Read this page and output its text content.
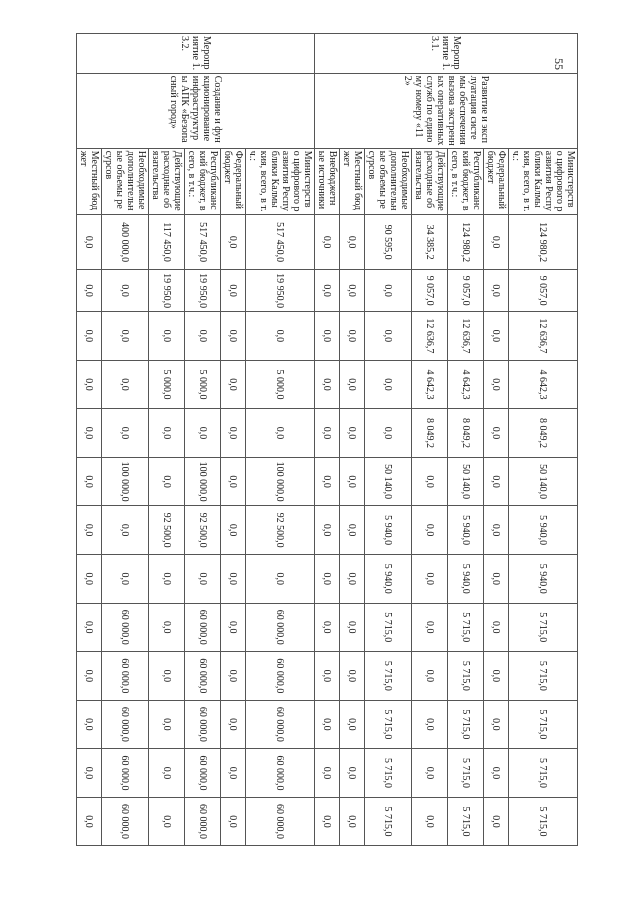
55
Мероприятие 1.3.1.	Развитие и эксплуатация системы обеспечения вызова экстренных оперативных служб по единому номеру «112»	Министерство цифрового развития Республики Калмыкия, всего, в т.ч.:	124 980,2	9 057,0	12 636,7	4 642,3	8 049,2	50 140,0	5 940,0	5 940,0	5 715,0	5 715,0	5 715,0	5 715,0	5 715,0
		Федеральный бюджет	0,0	0,0	0,0	0,0	0,0	0,0	0,0	0,0	0,0	0,0	0,0	0,0	0,0
		Республиканский бюджет, всего, в т.ч.:	124 980,2	9 057,0	12 636,7	4 642,3	8 049,2	50 140,0	5 940,0	5 940,0	5 715,0	5 715,0	5 715,0	5 715,0	5 715,0
		Действующие расходные обязательства	34 385,2	9 057,0	12 636,7	4 642,3	8 049,2	0,0	0,0	0,0	0,0	0,0	0,0	0,0	0,0
		Необходимые дополнительные объемы ресурсов	90 595,0	0,0	0,0	0,0	0,0	50 140,0	5 940,0	5 940,0	5 715,0	5 715,0	5 715,0	5 715,0	5 715,0
		Местный бюджет	0,0	0,0	0,0	0,0	0,0	0,0	0,0	0,0	0,0	0,0	0,0	0,0	0,0
		Внебюджетные источники	0,0	0,0	0,0	0,0	0,0	0,0	0,0	0,0	0,0	0,0	0,0	0,0	0,0
Мероприятие 1.3.2.	Создание и функционирование инфраструктуры АПК «Безопасный город»	Министерство цифрового развития Республики Калмыкия, всего, в т.ч.:	517 450,0	19 950,0	0,0	5 000,0	0,0	100 000,0	92 500,0	0,0	60 000,0	60 000,0	60 000,0	60 000,0	60 000,0
		Федеральный бюджет	0,0	0,0	0,0	0,0	0,0	0,0	0,0	0,0	0,0	0,0	0,0	0,0	0,0
		Республиканский бюджет, всего, в т.ч.:	517 450,0	19 950,0	0,0	5 000,0	0,0	100 000,0	92 500,0	0,0	60 000,0	60 000,0	60 000,0	60 000,0	60 000,0
		Действующие расходные обязательства	117 450,0	19 950,0	0,0	5 000,0	0,0	0,0	92 500,0	0,0	0,0	0,0	0,0	0,0	0,0
		Необходимые дополнительные объемы ресурсов	400 000,0	0,0	0,0	0,0	0,0	100 000,0	0,0	0,0	60 000,0	60 000,0	60 000,0	60 000,0	60 000,0
		Местный бюджет	0,0	0,0	0,0	0,0	0,0	0,0	0,0	0,0	0,0	0,0	0,0	0,0	0,0
